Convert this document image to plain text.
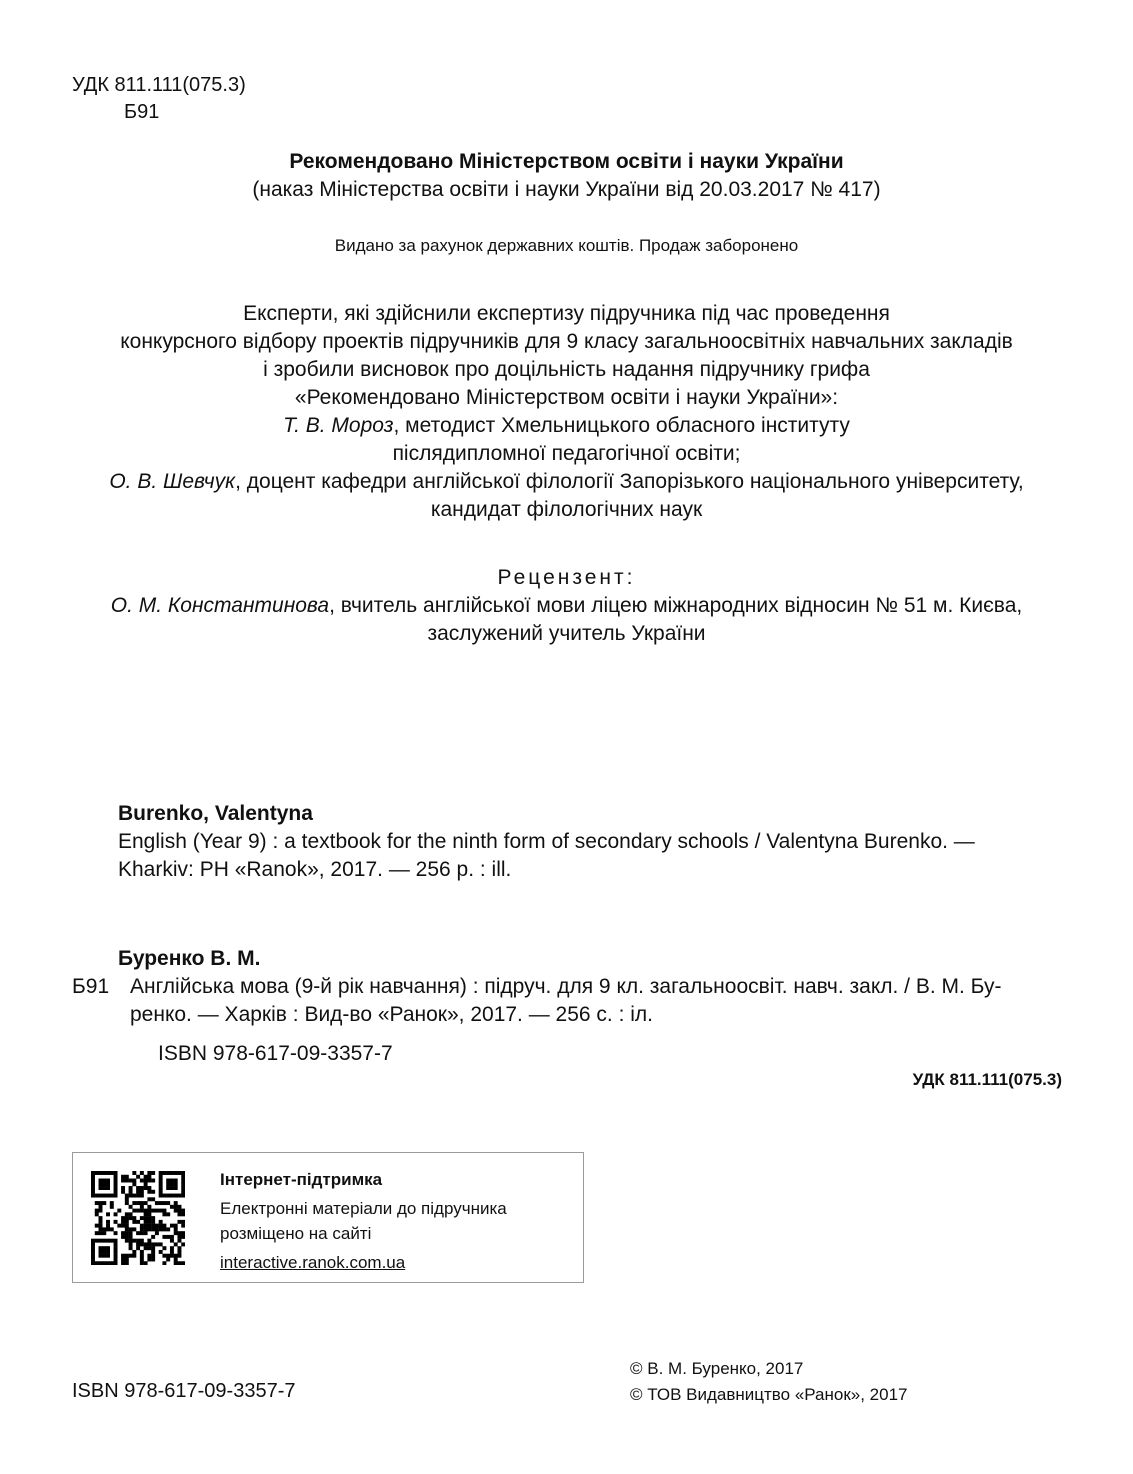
УДК 811.111(075.3)
Б91
Рекомендовано Міністерством освіти і науки України
(наказ Міністерства освіти і науки України від 20.03.2017 № 417)
Видано за рахунок державних коштів. Продаж заборонено
Експерти, які здійснили експертизу підручника під час проведення
конкурсного відбору проектів підручників для 9 класу загальноосвітніх навчальних закладів
і зробили висновок про доцільність надання підручнику грифа
«Рекомендовано Міністерством освіти і науки України»:
Т. В. Мороз, методист Хмельницького обласного інституту
післядипломної педагогічної освіти;
О. В. Шевчук, доцент кафедри англійської філології Запорізького національного університету,
кандидат філологічних наук
Рецензент:
О. М. Константинова, вчитель англійської мови ліцею міжнародних відносин № 51 м. Києва,
заслужений учитель України
Burenko, Valentyna
English (Year 9) : a textbook for the ninth form of secondary schools / Valentyna Burenko. —
Kharkiv: PH «Ranok», 2017. — 256 p. : ill.
Буренко В. М.
Б91 Англійська мова (9-й рік навчання) : підруч. для 9 кл. загальноосвіт. навч. закл. / В. М. Бу-
ренко. — Харків : Вид-во «Ранок», 2017. — 256 с. : іл.
ISBN 978-617-09-3357-7
УДК 811.111(075.3)
Інтернет-підтримка
Електронні матеріали до підручника
розміщено на сайті
interactive.ranok.com.ua
ISBN 978-617-09-3357-7
© В. М. Буренко, 2017
© ТОВ Видавництво «Ранок», 2017
